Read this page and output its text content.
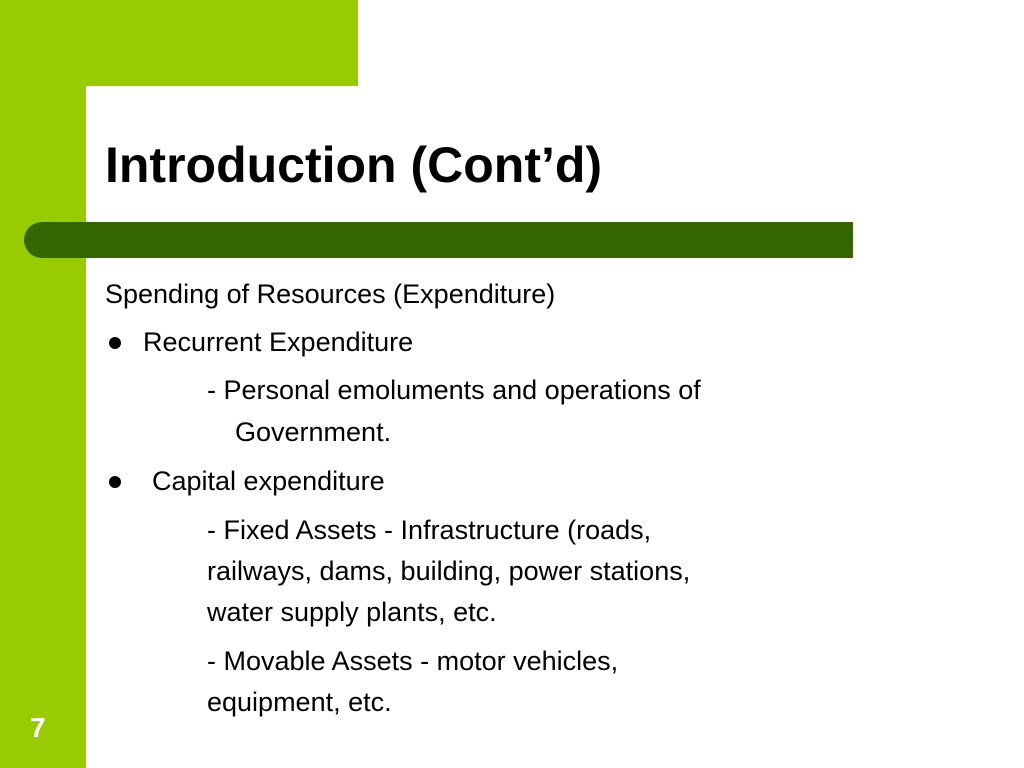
Introduction (Cont’d)
Spending of Resources (Expenditure)
Recurrent Expenditure
- Personal emoluments and operations of
Government.
Capital expenditure
- Fixed Assets - Infrastructure (roads,
railways, dams, building, power stations,
water supply plants, etc.
- Movable Assets - motor vehicles,
equipment, etc.
7
